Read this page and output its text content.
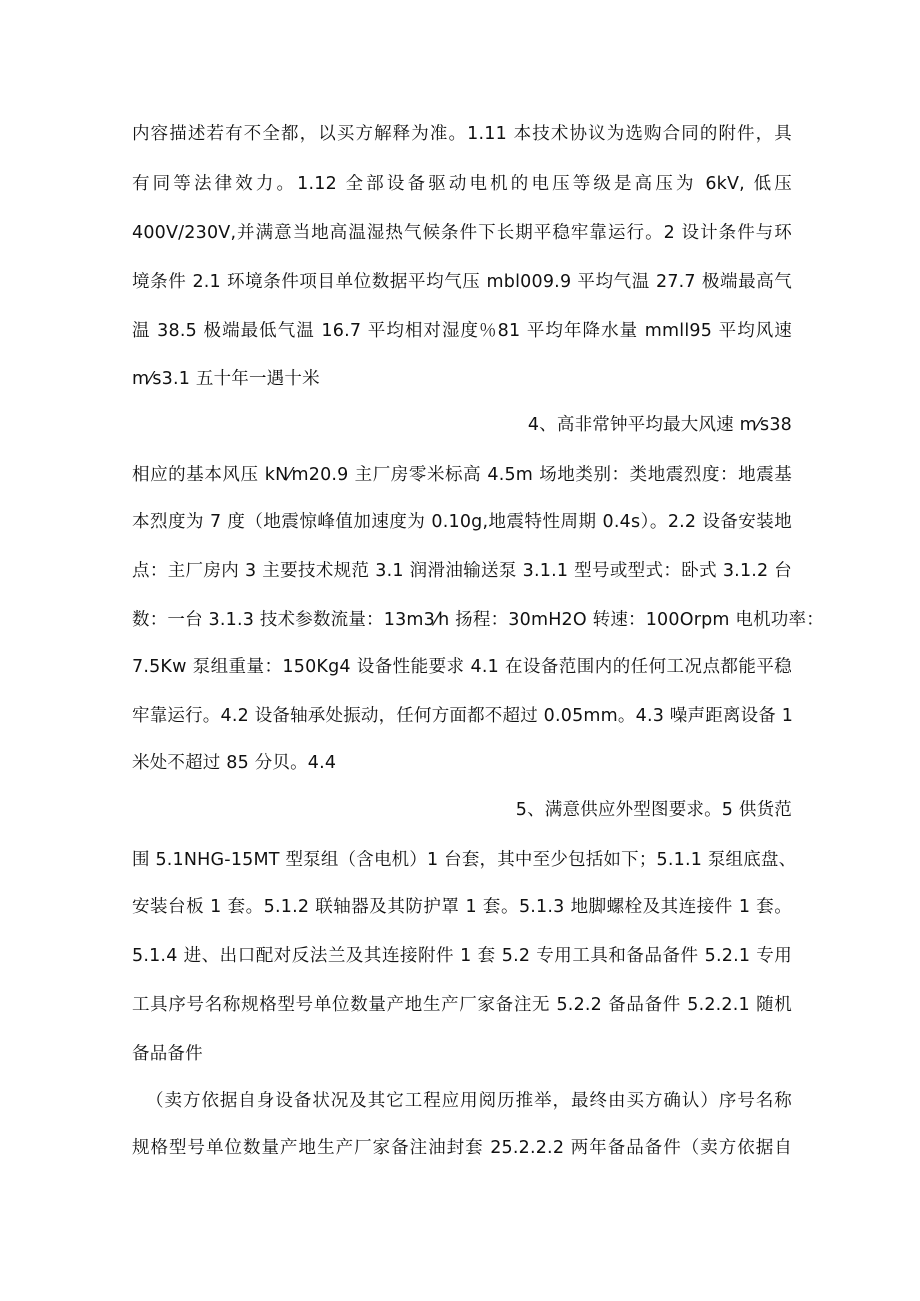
内容描述若有不全都，以买方解释为准。1.11 本技术协议为选购合同的附件，具
有同等法律效力。1.12 全部设备驱动电机的电压等级是高压为 6kV, 低压
400V/230V,并满意当地高温湿热气候条件下长期平稳牢靠运行。2 设计条件与环
境条件 2.1 环境条件项目单位数据平均气压 mbl009.9 平均气温 27.7 极端最高气
温 38.5 极端最低气温 16.7 平均相对湿度％81 平均年降水量 mmll95 平均风速
m⁄s3.1 五十年一遇十米
4、高非常钟平均最大风速 m⁄s38
相应的基本风压 kN⁄m20.9 主厂房零米标高 4.5m 场地类别：类地震烈度：地震基
本烈度为 7 度（地震惊峰值加速度为 0.10g,地震特性周期 0.4s）。2.2 设备安装地
点：主厂房内 3 主要技术规范 3.1 润滑油输送泵 3.1.1 型号或型式：卧式 3.1.2 台
数：一台 3.1.3 技术参数流量：13m3⁄h 扬程：30mH2O 转速：100Orpm 电机功率：
7.5Kw 泵组重量：150Kg4 设备性能要求 4.1 在设备范围内的任何工况点都能平稳
牢靠运行。4.2 设备轴承处振动，任何方面都不超过 0.05mm。4.3 噪声距离设备 1
米处不超过 85 分贝。4.4
5、满意供应外型图要求。5 供货范
围 5.1NHG-15MT 型泵组（含电机）1 台套，其中至少包括如下；5.1.1 泵组底盘、
安装台板 1 套。5.1.2 联轴器及其防护罩 1 套。5.1.3 地脚螺栓及其连接件 1 套。
5.1.4 进、出口配对反法兰及其连接附件 1 套 5.2 专用工具和备品备件 5.2.1 专用
工具序号名称规格型号单位数量产地生产厂家备注无 5.2.2 备品备件 5.2.2.1 随机
备品备件
（卖方依据自身设备状况及其它工程应用阅历推举，最终由买方确认）序号名称
规格型号单位数量产地生产厂家备注油封套 25.2.2.2 两年备品备件（卖方依据自
